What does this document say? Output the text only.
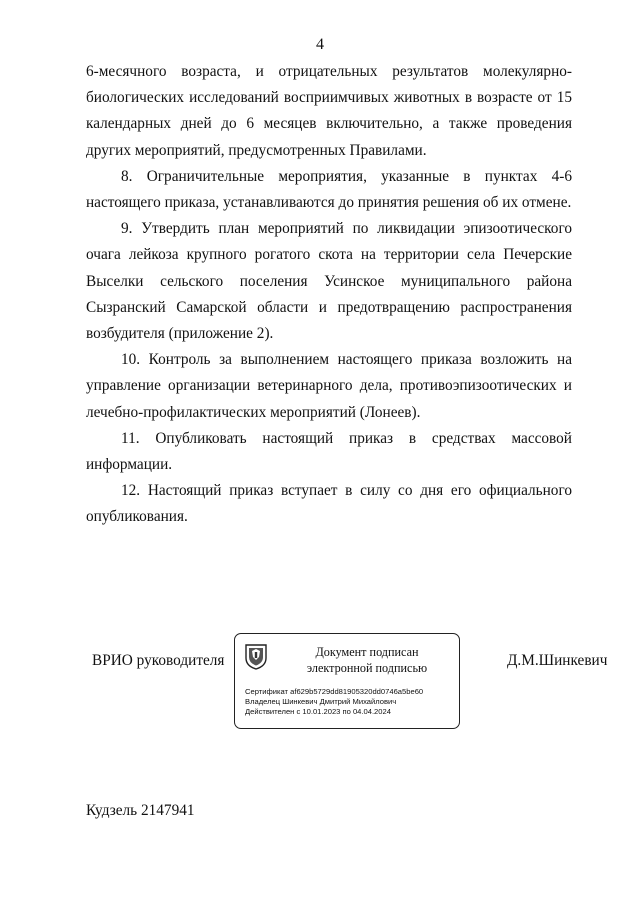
4

6-месячного возраста, и отрицательных результатов молекулярно-биологических исследований восприимчивых животных в возрасте от 15 календарных дней до 6 месяцев включительно, а также проведения других мероприятий, предусмотренных Правилами.

8. Ограничительные мероприятия, указанные в пунктах 4-6 настоящего приказа, устанавливаются до принятия решения об их отмене.

9. Утвердить план мероприятий по ликвидации эпизоотического очага лейкоза крупного рогатого скота на территории села Печерские Выселки сельского поселения Усинское муниципального района Сызранский Самарской области и предотвращению распространения возбудителя (приложение 2).

10. Контроль за выполнением настоящего приказа возложить на управление организации ветеринарного дела, противоэпизоотических и лечебно-профилактических мероприятий (Лонеев).

11. Опубликовать настоящий приказ в средствах массовой информации.

12. Настоящий приказ вступает в силу со дня его официального опубликования.

ВРИО руководителя	Документ подписан
электронной подписью
Сертификат af629b5729dd81905320dd0746a5be60
Владелец Шинкевич Дмитрий Михайлович
Действителен с 10.01.2023 по 04.04.2024
Д.М.Шинкевич
Кудзель 2147941
